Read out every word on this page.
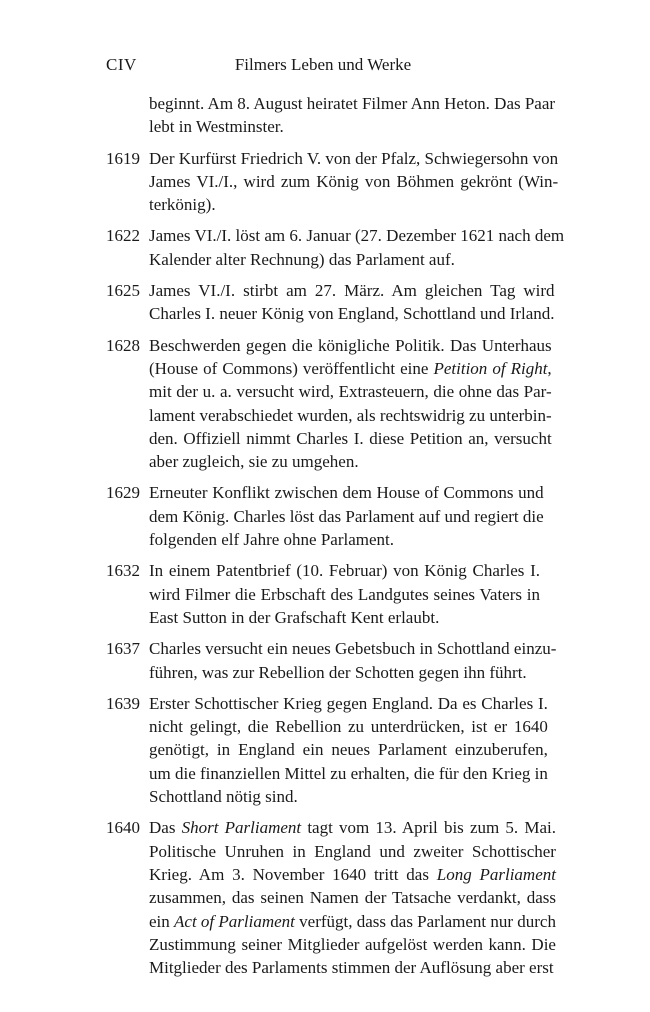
CIV	Filmers Leben und Werke
beginnt. Am 8. August heiratet Filmer Ann Heton. Das Paar
lebt in Westminster.
1619 Der Kurfürst Friedrich V. von der Pfalz, Schwiegersohn von
James VI./I., wird zum König von Böhmen gekrönt (Win-
terkönig).
1622 James VI./I. löst am 6. Januar (27. Dezember 1621 nach dem
Kalender alter Rechnung) das Parlament auf.
1625 James VI./I. stirbt am 27. März. Am gleichen Tag wird
Charles I. neuer König von England, Schottland und Irland.
1628 Beschwerden gegen die königliche Politik. Das Unterhaus
(House of Commons) veröffentlicht eine Petition of Right,
mit der u. a. versucht wird, Extrasteuern, die ohne das Par-
lament verabschiedet wurden, als rechtswidrig zu unterbin-
den. Offiziell nimmt Charles I. diese Petition an, versucht
aber zugleich, sie zu umgehen.
1629 Erneuter Konflikt zwischen dem House of Commons und
dem König. Charles löst das Parlament auf und regiert die
folgenden elf Jahre ohne Parlament.
1632 In einem Patentbrief (10. Februar) von König Charles I.
wird Filmer die Erbschaft des Landgutes seines Vaters in
East Sutton in der Grafschaft Kent erlaubt.
1637 Charles versucht ein neues Gebetsbuch in Schottland einzu-
führen, was zur Rebellion der Schotten gegen ihn führt.
1639 Erster Schottischer Krieg gegen England. Da es Charles I.
nicht gelingt, die Rebellion zu unterdrücken, ist er 1640
genötigt, in England ein neues Parlament einzuberufen,
um die finanziellen Mittel zu erhalten, die für den Krieg in
Schottland nötig sind.
1640 Das Short Parliament tagt vom 13. April bis zum 5. Mai.
Politische Unruhen in England und zweiter Schottischer
Krieg. Am 3. November 1640 tritt das Long Parliament
zusammen, das seinen Namen der Tatsache verdankt, dass
ein Act of Parliament verfügt, dass das Parlament nur durch
Zustimmung seiner Mitglieder aufgelöst werden kann. Die
Mitglieder des Parlaments stimmen der Auflösung aber erst
